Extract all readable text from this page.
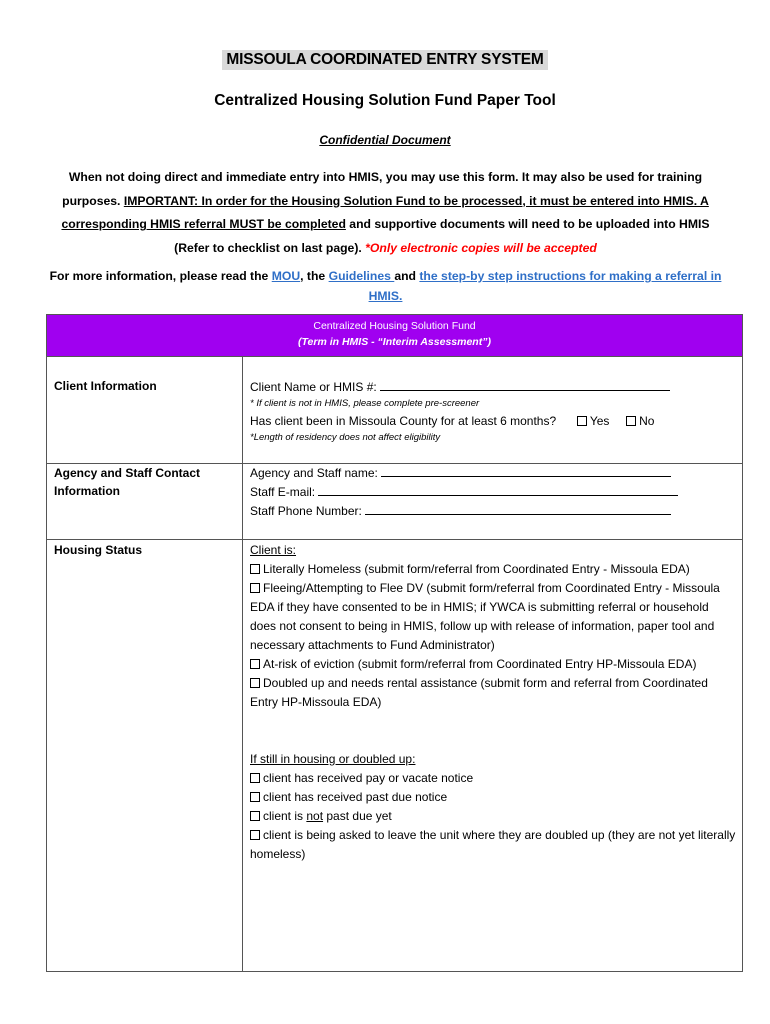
MISSOULA COORDINATED ENTRY SYSTEM
Centralized Housing Solution Fund Paper Tool
Confidential Document
When not doing direct and immediate entry into HMIS, you may use this form. It may also be used for training purposes. IMPORTANT: In order for the Housing Solution Fund to be processed, it must be entered into HMIS. A corresponding HMIS referral MUST be completed and supportive documents will need to be uploaded into HMIS (Refer to checklist on last page). *Only electronic copies will be accepted
For more information, please read the MOU, the Guidelines and the step-by step instructions for making a referral in HMIS.
Centralized Housing Solution Fund
(Term in HMIS - “Interim Assessment”)
Client Information	Client Name or HMIS #:
* If client is not in HMIS, please complete pre-screener
Has client been in Missoula County for at least 6 months?	Yes No
*Length of residency does not affect eligibility
Agency and Staff Contact Information
Agency and Staff name:
Staff E-mail:
Staff Phone Number:
Housing Status	Client is:
Literally Homeless (submit form/referral from Coordinated Entry - Missoula EDA)
Fleeing/Attempting to Flee DV (submit form/referral from Coordinated Entry - Missoula EDA if they have consented to be in HMIS; if YWCA is submitting referral or household does not consent to being in HMIS, follow up with release of information, paper tool and necessary attachments to Fund Administrator)
At-risk of eviction (submit form/referral from Coordinated Entry HP-Missoula EDA)
Doubled up and needs rental assistance (submit form and referral from Coordinated Entry HP-Missoula EDA)
If still in housing or doubled up:
client has received pay or vacate notice
client has received past due notice
client is not past due yet
client is being asked to leave the unit where they are doubled up (they are not yet literally homeless)
